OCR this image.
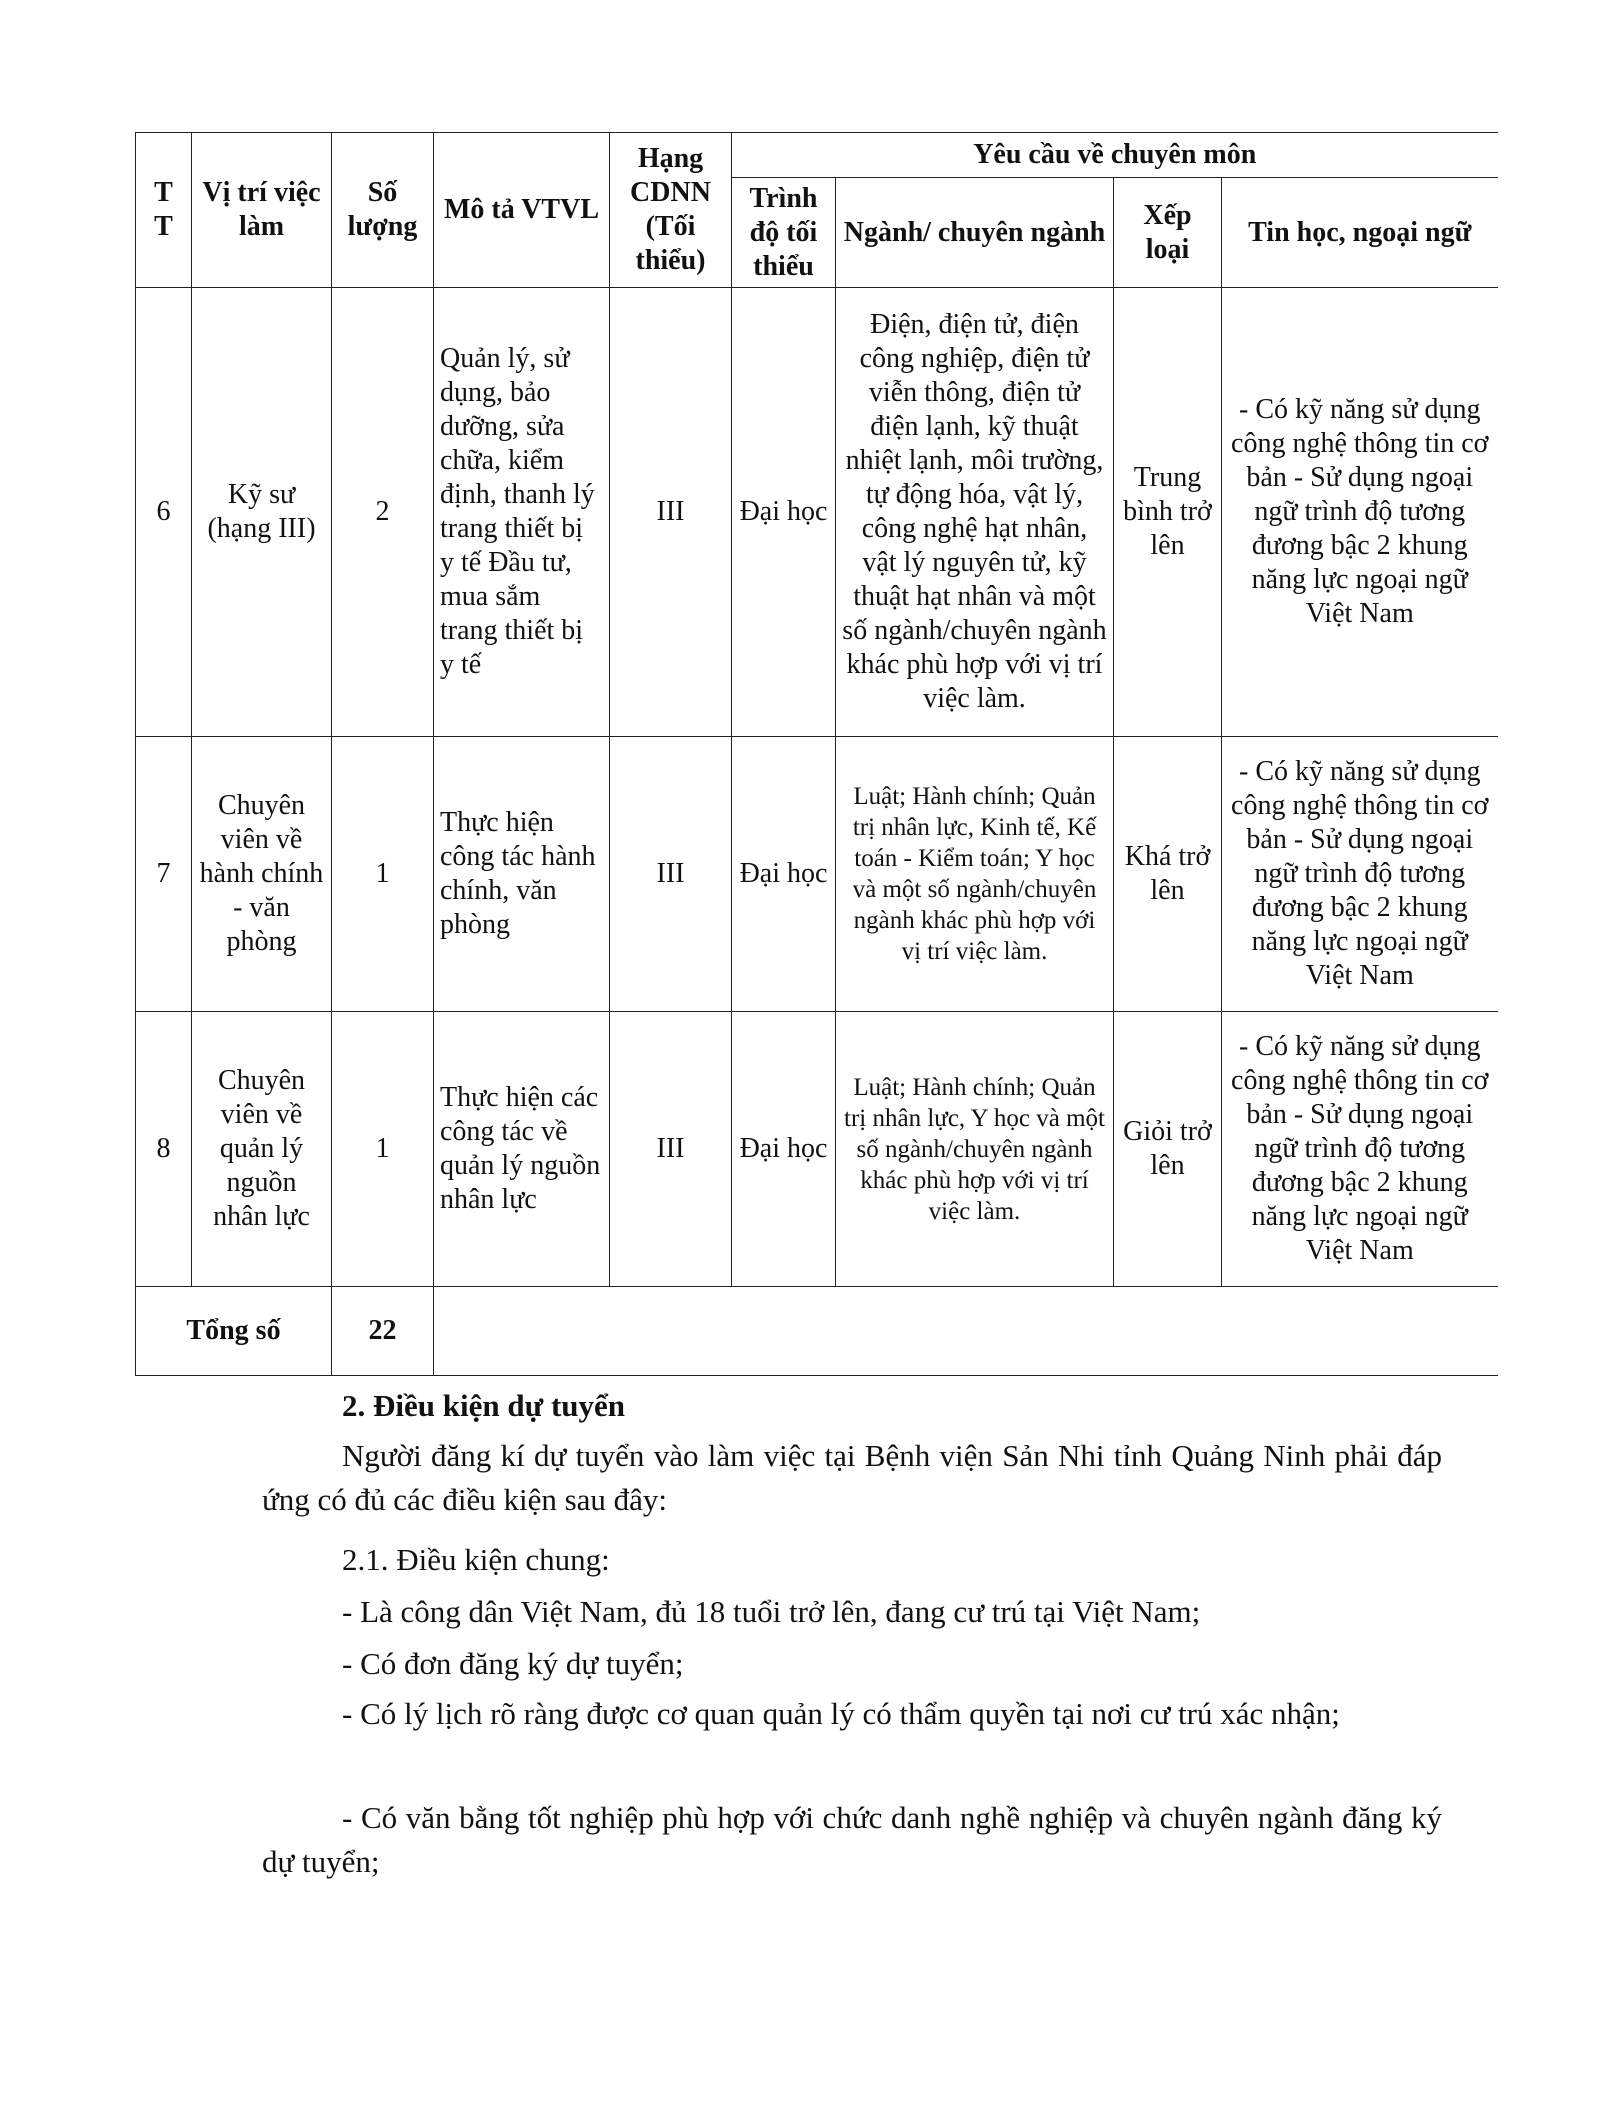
T
T	Vị trí việc làm	Số lượng	Mô tả VTVL	Hạng CDNN (Tối thiểu)	Yêu cầu về chuyên môn			
					Trình độ tối thiểu	Ngành/ chuyên ngành	Xếp loại	Tin học, ngoại ngữ
6	Kỹ sư (hạng III)	2	Quản lý, sử dụng, bảo dưỡng, sửa chữa, kiểm định, thanh lý trang thiết bị y tế Đầu tư, mua sắm trang thiết bị y tế	III	Đại học	Điện, điện tử, điện công nghiệp, điện tử viễn thông, điện tử điện lạnh, kỹ thuật nhiệt lạnh, môi trường, tự động hóa, vật lý, công nghệ hạt nhân, vật lý nguyên tử, kỹ thuật hạt nhân và một số ngành/chuyên ngành khác phù hợp với vị trí việc làm.	Trung bình trở lên	- Có kỹ năng sử dụng công nghệ thông tin cơ bản - Sử dụng ngoại ngữ trình độ tương đương bậc 2 khung năng lực ngoại ngữ Việt Nam
7	Chuyên viên về hành chính - văn phòng	1	Thực hiện công tác hành chính, văn phòng	III	Đại học	Luật; Hành chính; Quản trị nhân lực, Kinh tế, Kế toán - Kiểm toán; Y học và một số ngành/chuyên ngành khác phù hợp với vị trí việc làm.	Khá trở lên	- Có kỹ năng sử dụng công nghệ thông tin cơ bản - Sử dụng ngoại ngữ trình độ tương đương bậc 2 khung năng lực ngoại ngữ Việt Nam
8	Chuyên viên về quản lý nguồn nhân lực	1	Thực hiện các công tác về quản lý nguồn nhân lực	III	Đại học	Luật; Hành chính; Quản trị nhân lực, Y học và một số ngành/chuyên ngành khác phù hợp với vị trí việc làm.	Giỏi trở lên	- Có kỹ năng sử dụng công nghệ thông tin cơ bản - Sử dụng ngoại ngữ trình độ tương đương bậc 2 khung năng lực ngoại ngữ Việt Nam
Tổng số		22						

2. Điều kiện dự tuyển

Người đăng kí dự tuyển vào làm việc tại Bệnh viện Sản Nhi tỉnh Quảng Ninh phải đáp ứng có đủ các điều kiện sau đây:

2.1. Điều kiện chung:

- Là công dân Việt Nam, đủ 18 tuổi trở lên, đang cư trú tại Việt Nam;

- Có đơn đăng ký dự tuyển;

- Có lý lịch rõ ràng được cơ quan quản lý có thẩm quyền tại nơi cư trú xác nhận;

- Có văn bằng tốt nghiệp phù hợp với chức danh nghề nghiệp và chuyên ngành đăng ký dự tuyển;
